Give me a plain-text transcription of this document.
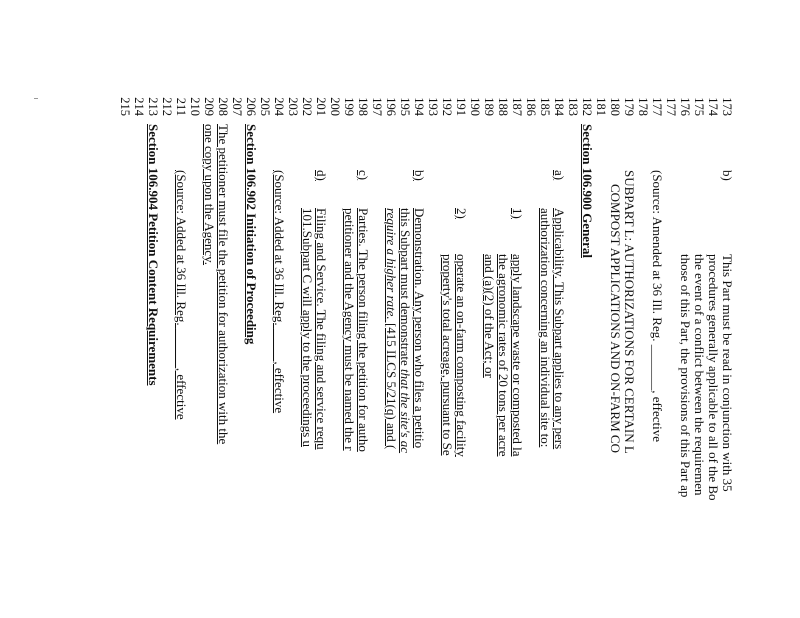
173
174
175
176
177
177
178
179
180
181
182
183
184
185
186
187
188
189
190
191
192
193
194
195
196
197
198
199
200
201
202
203
204
205
206
207
208
209
210
211
212
213
214
215
b)
This Part must be read in conjunction with 35
procedures generally applicable to all of the Bo
the event of a conflict between the requiremen
those of this Part, the provisions of this Part ap
(Source: Amended at 36 Ill. Reg. _______, effective
SUBPART L: AUTHORIZATIONS FOR CERTAIN L
COMPOST APPLICATIONS AND ON-FARM CO
Section 106.900 General
a)
Applicability. This Subpart applies to any pers
authorization concerning an individual site to:
1)
apply landscape waste or composted la
the agronomic rates of 20 tons per acre
and (a)(2) of the Act; or
2)
operate an on-farm composting facility
property's total acreage, pursuant to Se
b)
Demonstration. Any person who files a petitio
this Subpart must demonstrate that the site's ac
require a higher rate. [415 ILCS 5/21(q) and (
c)
Parties. The person filing the petition for autho
petitioner and the Agency must be named the r
d)
Filing and Service. The filing and service requ
101.Subpart C will apply to the proceedings u
(Source: Added at 36 Ill. Reg. _____, effective
Section 106.902 Initiation of Proceeding
The petitioner must file the petition for authorization with the
one copy upon the Agency.
(Source: Added at 36 Ill. Reg. ______, effective
Section 106.904 Petition Content Requirements
